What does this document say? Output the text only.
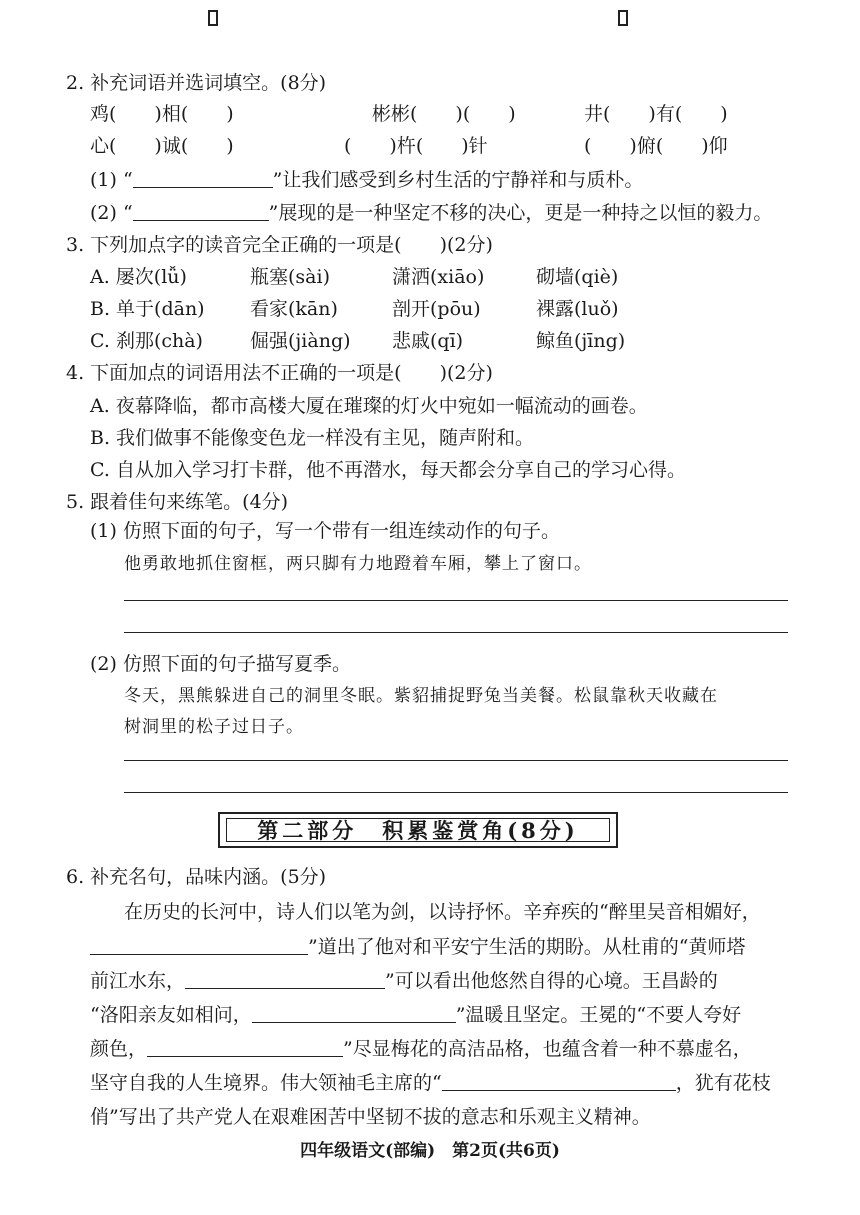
2. 补充词语并选词填空。(8分)
鸡(　　)相(　　)	彬彬(　　)(　　)	井(　　)有(　　)
心(　　)诚(　　)	(　　)杵(　　)针	(　　)俯(　　)仰
(1) “	”让我们感受到乡村生活的宁静祥和与质朴。
(2) “	”展现的是一种坚定不移的决心，更是一种持之以恒的毅力。
3. 下列加点字的读音完全正确的一项是(　　)(2分)
A. 屡次(lǚ)	瓶塞(sài)	潇洒(xiāo)	砌墙(qiè)
B. 单于(dān) 看家(kān)	剖开(pōu)	裸露(luǒ)
C. 刹那(chà) 倔强(jiàng) 悲戚(qī)	鲸鱼(jīng)
4. 下面加点的词语用法不正确的一项是(　　)(2分)
A. 夜幕降临，都市高楼大厦在璀璨的灯火中宛如一幅流动的画卷。
B. 我们做事不能像变色龙一样没有主见，随声附和。
C. 自从加入学习打卡群，他不再潜水，每天都会分享自己的学习心得。
5. 跟着佳句来练笔。(4分)
(1) 仿照下面的句子，写一个带有一组连续动作的句子。
他勇敢地抓住窗框，两只脚有力地蹬着车厢，攀上了窗口。
(2) 仿照下面的句子描写夏季。
冬天，黑熊躲进自己的洞里冬眠。紫貂捕捉野兔当美餐。松鼠靠秋天收藏在
树洞里的松子过日子。
第二部分　积累鉴赏角(8分)
6. 补充名句，品味内涵。(5分)
在历史的长河中，诗人们以笔为剑，以诗抒怀。辛弃疾的“醉里吴音相媚好，
”道出了他对和平安宁生活的期盼。从杜甫的“黄师塔
前江水东，	”可以看出他悠然自得的心境。王昌龄的
“洛阳亲友如相问，	”温暖且坚定。王冕的“不要人夸好
颜色，	”尽显梅花的高洁品格，也蕴含着一种不慕虚名，
坚守自我的人生境界。伟大领袖毛主席的“	，犹有花枝
俏”写出了共产党人在艰难困苦中坚韧不拔的意志和乐观主义精神。
四年级语文(部编)　第2页(共6页)
